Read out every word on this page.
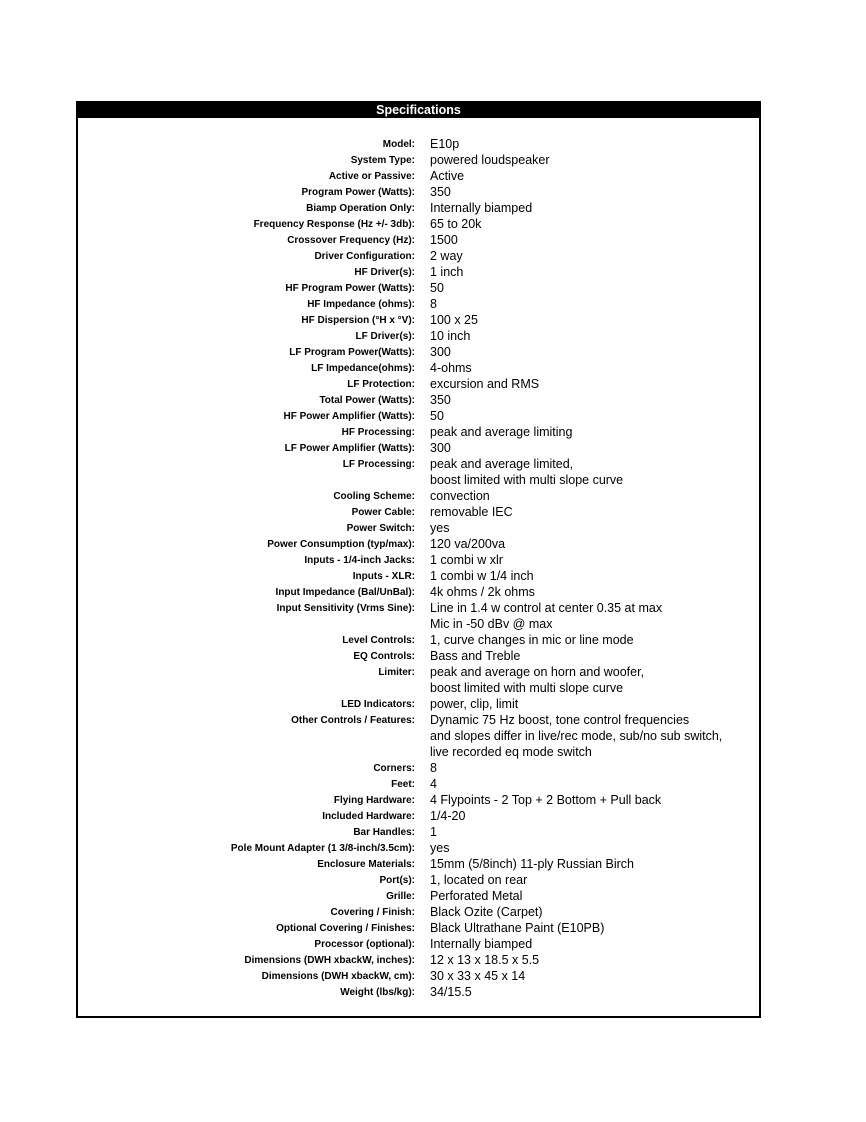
Specifications
Model: E10p
System Type: powered loudspeaker
Active or Passive: Active
Program Power (Watts): 350
Biamp Operation Only: Internally biamped
Frequency Response (Hz +/- 3db): 65 to 20k
Crossover Frequency (Hz): 1500
Driver Configuration: 2 way
HF Driver(s): 1 inch
HF Program Power (Watts): 50
HF Impedance (ohms): 8
HF Dispersion (°H x °V): 100 x 25
LF Driver(s): 10 inch
LF Program Power(Watts): 300
LF Impedance(ohms): 4-ohms
LF Protection: excursion and RMS
Total Power (Watts): 350
HF Power Amplifier (Watts): 50
HF Processing: peak and average limiting
LF Power Amplifier (Watts): 300
LF Processing: peak and average limited,
boost limited with multi slope curve
Cooling Scheme: convection
Power Cable: removable IEC
Power Switch: yes
Power Consumption (typ/max): 120 va/200va
Inputs - 1/4-inch Jacks: 1 combi w xlr
Inputs - XLR: 1 combi w 1/4 inch
Input Impedance (Bal/UnBal): 4k ohms / 2k ohms
Input Sensitivity (Vrms Sine): Line in 1.4 w control at center 0.35 at max
Mic in -50 dBv @ max
Level Controls: 1, curve changes in mic or line mode
EQ Controls: Bass and Treble
Limiter: peak and average on horn and woofer,
boost limited with multi slope curve
LED Indicators: power, clip, limit
Other Controls / Features: Dynamic 75 Hz boost, tone control frequencies
and slopes differ in live/rec mode, sub/no sub switch,
live recorded eq mode switch
Corners: 8
Feet: 4
Flying Hardware: 4 Flypoints - 2 Top + 2 Bottom + Pull back
Included Hardware: 1/4-20
Bar Handles: 1
Pole Mount Adapter (1 3/8-inch/3.5cm): yes
Enclosure Materials: 15mm (5/8inch) 11-ply Russian Birch
Port(s): 1, located on rear
Grille: Perforated Metal
Covering / Finish: Black Ozite (Carpet)
Optional Covering / Finishes: Black Ultrathane Paint (E10PB)
Processor (optional): Internally biamped
Dimensions (DWH xbackW, inches): 12 x 13 x 18.5 x 5.5
Dimensions (DWH xbackW, cm): 30 x 33 x 45 x 14
Weight (lbs/kg): 34/15.5
